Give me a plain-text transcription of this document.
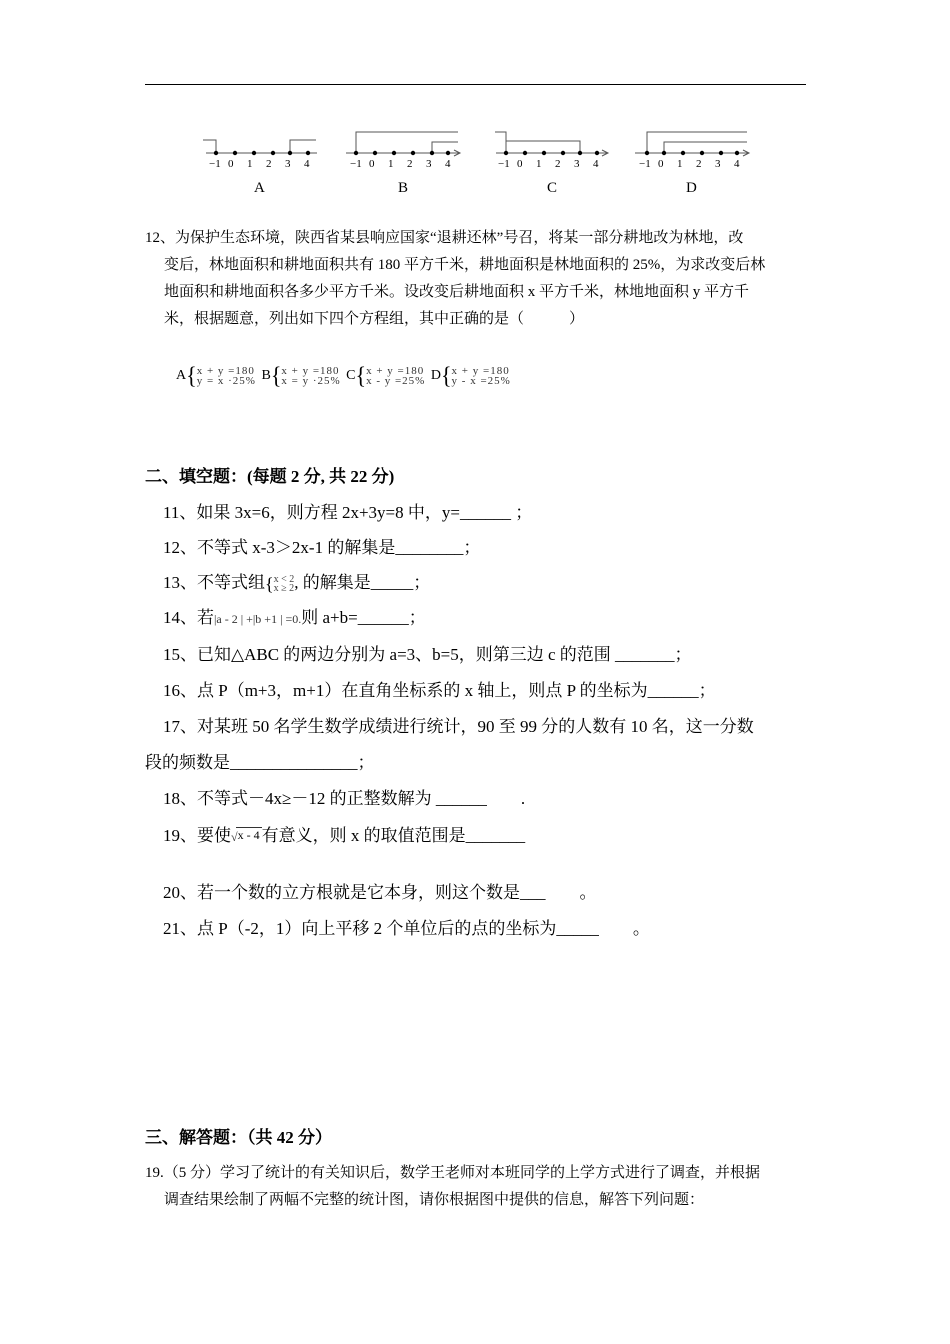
−1 0 1 2 3 4	−1 0 1 2 3 4	−1 0 1 2 3 4	−1 0 1 2 3 4
A	B	C	D
12、为保护生态环境，陕西省某县响应国家“退耕还林”号召，将某一部分耕地改为林地，改
变后，林地面积和耕地面积共有 180 平方千米，耕地面积是林地面积的 25%，为求改变后林
地面积和耕地面积各多少平方千米。设改变后耕地面积 x 平方千米，林地地面积 y 平方千
米，根据题意，列出如下四个方程组，其中正确的是（　　　）
A { x + y =180
y = x ·25%
B { x + y =180
x = y ·25%
C { x + y =180
x - y =25%
D { x + y =180
y - x =25%
二、填空题：(每题 2 分, 共 22 分)
11、如果 3x=6，则方程 2x+3y=8 中，y=______ ；
12、不等式 x-3＞2x-1 的解集是________；
13、不等式组 { x < 2
x ≥ 2 , 的解集是_____；
14、若|a - 2 | +|b +1 | =0.则 a+b=______；
15、已知△ABC 的两边分别为 a=3、b=5，则第三边 c 的范围 _______；
16、点 P（m+3，m+1）在直角坐标系的 x 轴上，则点 P 的坐标为______；
17、对某班 50 名学生数学成绩进行统计，90 至 99 分的人数有 10 名，这一分数
段的频数是_______________；
18、不等式－4x≥－12 的正整数解为 ______　　.
19、要使√x - 4 有意义，则 x 的取值范围是_______
20、若一个数的立方根就是它本身，则这个数是___　　。
21、点 P（-2，1）向上平移 2 个单位后的点的坐标为_____　　。
三、解答题：（共 42 分）
19.（5 分）学习了统计的有关知识后，数学王老师对本班同学的上学方式进行了调查，并根据
调查结果绘制了两幅不完整的统计图，请你根据图中提供的信息，解答下列问题：
